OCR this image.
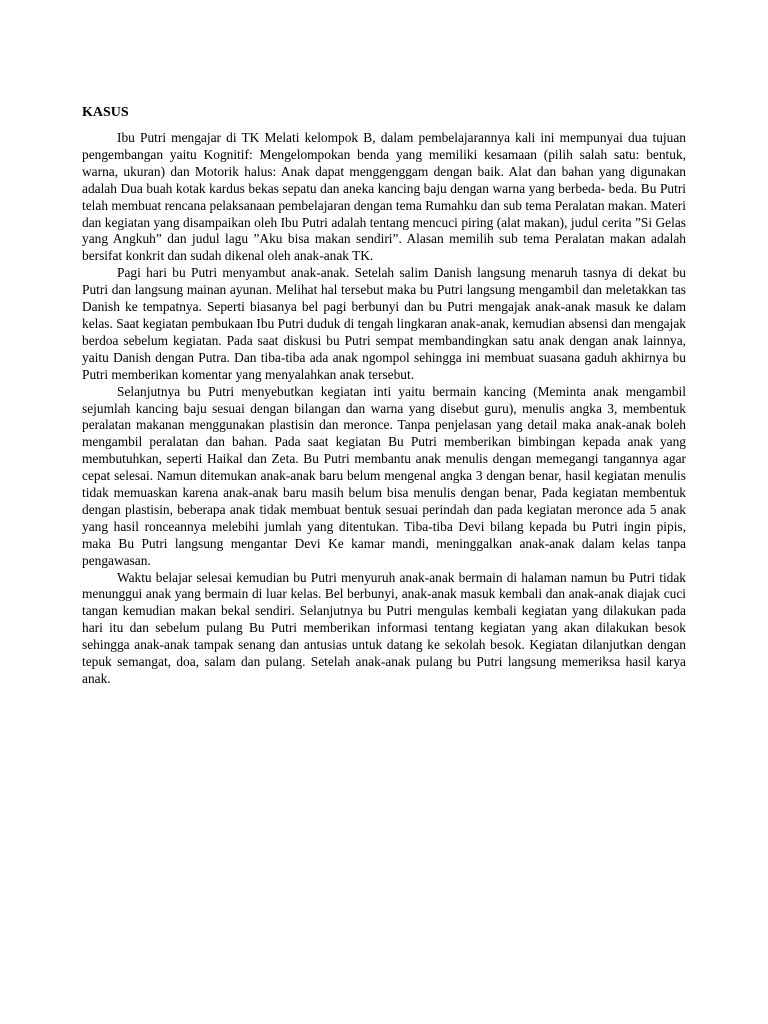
KASUS

Ibu Putri mengajar di TK Melati kelompok B, dalam pembelajarannya kali ini mempunyai dua tujuan pengembangan yaitu Kognitif: Mengelompokan benda yang memiliki kesamaan (pilih salah satu: bentuk, warna, ukuran) dan Motorik halus: Anak dapat menggenggam dengan baik. Alat dan bahan yang digunakan adalah Dua buah kotak kardus bekas sepatu dan aneka kancing baju dengan warna yang berbeda- beda. Bu Putri telah membuat rencana pelaksanaan pembelajaran dengan tema Rumahku dan sub tema Peralatan makan. Materi dan kegiatan yang disampaikan oleh Ibu Putri adalah tentang mencuci piring (alat makan), judul cerita ”Si Gelas yang Angkuh” dan judul lagu ”Aku bisa makan sendiri”. Alasan memilih sub tema Peralatan makan adalah bersifat konkrit dan sudah dikenal oleh anak-anak TK.

Pagi hari bu Putri menyambut anak-anak. Setelah salim Danish langsung menaruh tasnya di dekat bu Putri dan langsung mainan ayunan. Melihat hal tersebut maka bu Putri langsung mengambil dan meletakkan tas Danish ke tempatnya. Seperti biasanya bel pagi berbunyi dan bu Putri mengajak anak-anak masuk ke dalam kelas. Saat kegiatan pembukaan Ibu Putri duduk di tengah lingkaran anak-anak, kemudian absensi dan mengajak berdoa sebelum kegiatan. Pada saat diskusi bu Putri sempat membandingkan satu anak dengan anak lainnya, yaitu Danish dengan Putra. Dan tiba-tiba ada anak ngompol sehingga ini membuat suasana gaduh akhirnya bu Putri memberikan komentar yang menyalahkan anak tersebut.

Selanjutnya bu Putri menyebutkan kegiatan inti yaitu bermain kancing (Meminta anak mengambil sejumlah kancing baju sesuai dengan bilangan dan warna yang disebut guru), menulis angka 3, membentuk peralatan makanan menggunakan plastisin dan meronce. Tanpa penjelasan yang detail maka anak-anak boleh mengambil peralatan dan bahan. Pada saat kegiatan Bu Putri memberikan bimbingan kepada anak yang membutuhkan, seperti Haikal dan Zeta. Bu Putri membantu anak menulis dengan memegangi tangannya agar cepat selesai. Namun ditemukan anak-anak baru belum mengenal angka 3 dengan benar, hasil kegiatan menulis tidak memuaskan karena anak-anak baru masih belum bisa menulis dengan benar, Pada kegiatan membentuk dengan plastisin, beberapa anak tidak membuat bentuk sesuai perindah dan pada kegiatan meronce ada 5 anak yang hasil ronceannya melebihi jumlah yang ditentukan. Tiba-tiba Devi bilang kepada bu Putri ingin pipis, maka Bu Putri langsung mengantar Devi Ke kamar mandi, meninggalkan anak-anak dalam kelas tanpa pengawasan.

Waktu belajar selesai kemudian bu Putri menyuruh anak-anak bermain di halaman namun bu Putri tidak menunggui anak yang bermain di luar kelas. Bel berbunyi, anak-anak masuk kembali dan anak-anak diajak cuci tangan kemudian makan bekal sendiri. Selanjutnya bu Putri mengulas kembali kegiatan yang dilakukan pada hari itu dan sebelum pulang Bu Putri memberikan informasi tentang kegiatan yang akan dilakukan besok sehingga anak-anak tampak senang dan antusias untuk datang ke sekolah besok. Kegiatan dilanjutkan dengan tepuk semangat, doa, salam dan pulang. Setelah anak-anak pulang bu Putri langsung memeriksa hasil karya anak.
